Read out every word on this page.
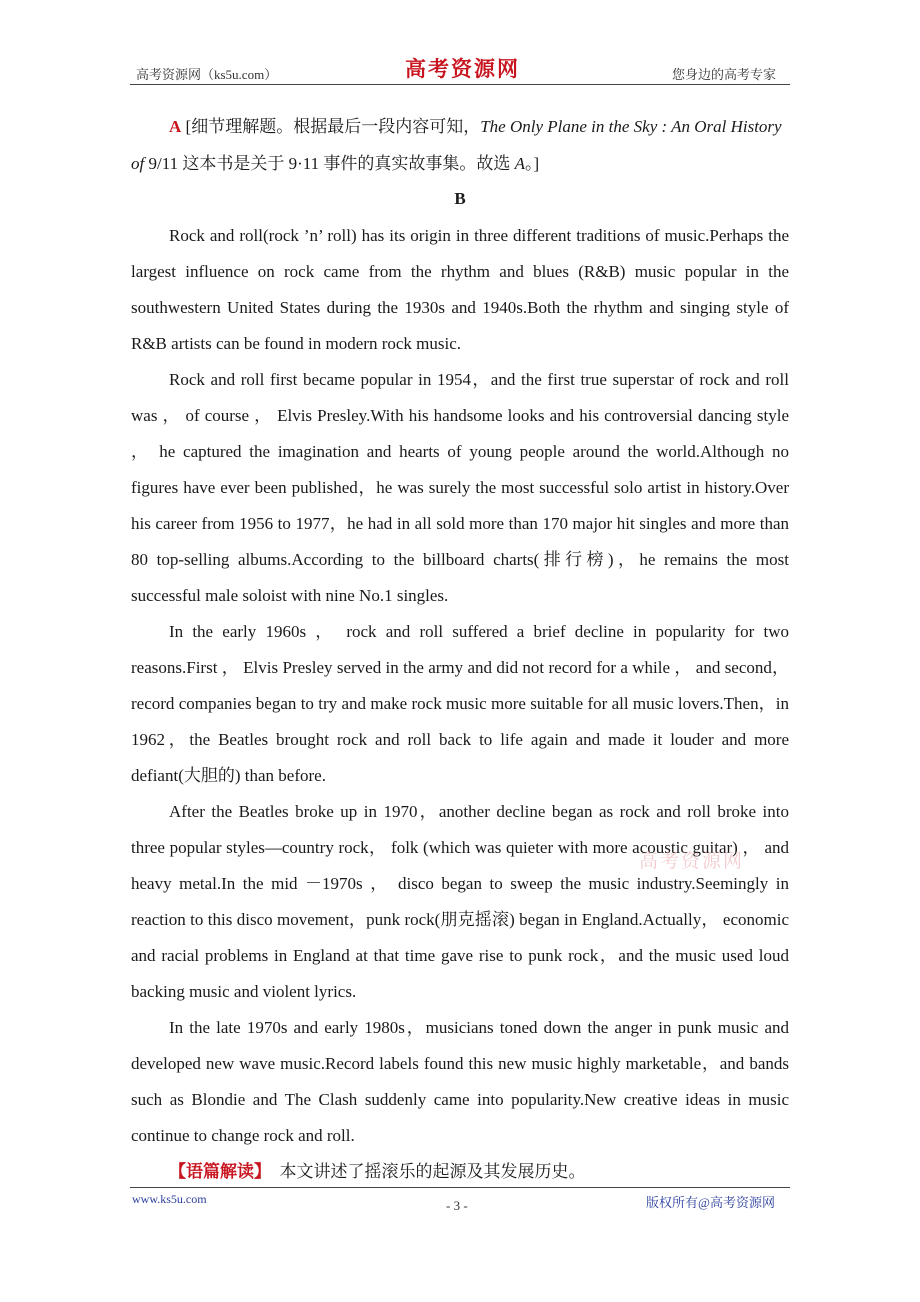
高考资源网（ks5u.com）	高考资源网	您身边的高考专家

A [细节理解题。根据最后一段内容可知，The Only Plane in the Sky : An Oral History of 9/11 这本书是关于 9·11 事件的真实故事集。故选 A。]

B

Rock and roll(rock ’n’ roll) has its origin in three different traditions of music.Perhaps the largest influence on rock came from the rhythm and blues (R&B) music popular in the southwestern United States during the 1930s and 1940s.Both the rhythm and singing style of R&B artists can be found in modern rock music.

Rock and roll first became popular in 1954，and the first true superstar of rock and roll was ， of course ， Elvis Presley.With his handsome looks and his controversial dancing style ， he captured the imagination and hearts of young people around the world.Although no figures have ever been published，he was surely the most successful solo artist in history.Over his career from 1956 to 1977，he had in all sold more than 170 major hit singles and more than 80 top-selling albums.According to the billboard charts(排行榜)，he remains the most successful male soloist with nine No.1 singles.

In the early 1960s ， rock and roll suffered a brief decline in popularity for two reasons.First ， Elvis Presley served in the army and did not record for a while ， and second，record companies began to try and make rock music more suitable for all music lovers.Then，in 1962，the Beatles brought rock and roll back to life again and made it louder and more defiant(大胆的) than before.

After the Beatles broke up in 1970，another decline began as rock and roll broke into three popular styles—country rock， folk (which was quieter with more acoustic guitar) ， and heavy metal.In the mid －1970s ， disco began to sweep the music industry.Seemingly in reaction to this disco movement，punk rock(朋克摇滚) began in England.Actually， economic and racial problems in England at that time gave rise to punk rock，and the music used loud backing music and violent lyrics.

In the late 1970s and early 1980s，musicians toned down the anger in punk music and developed new wave music.Record labels found this new music highly marketable，and bands such as Blondie and The Clash suddenly came into popularity.New creative ideas in music continue to change rock and roll.

【语篇解读】 本文讲述了摇滚乐的起源及其发展历史。

高考资源网
www.ks5u.com	- 3 -	版权所有@高考资源网
